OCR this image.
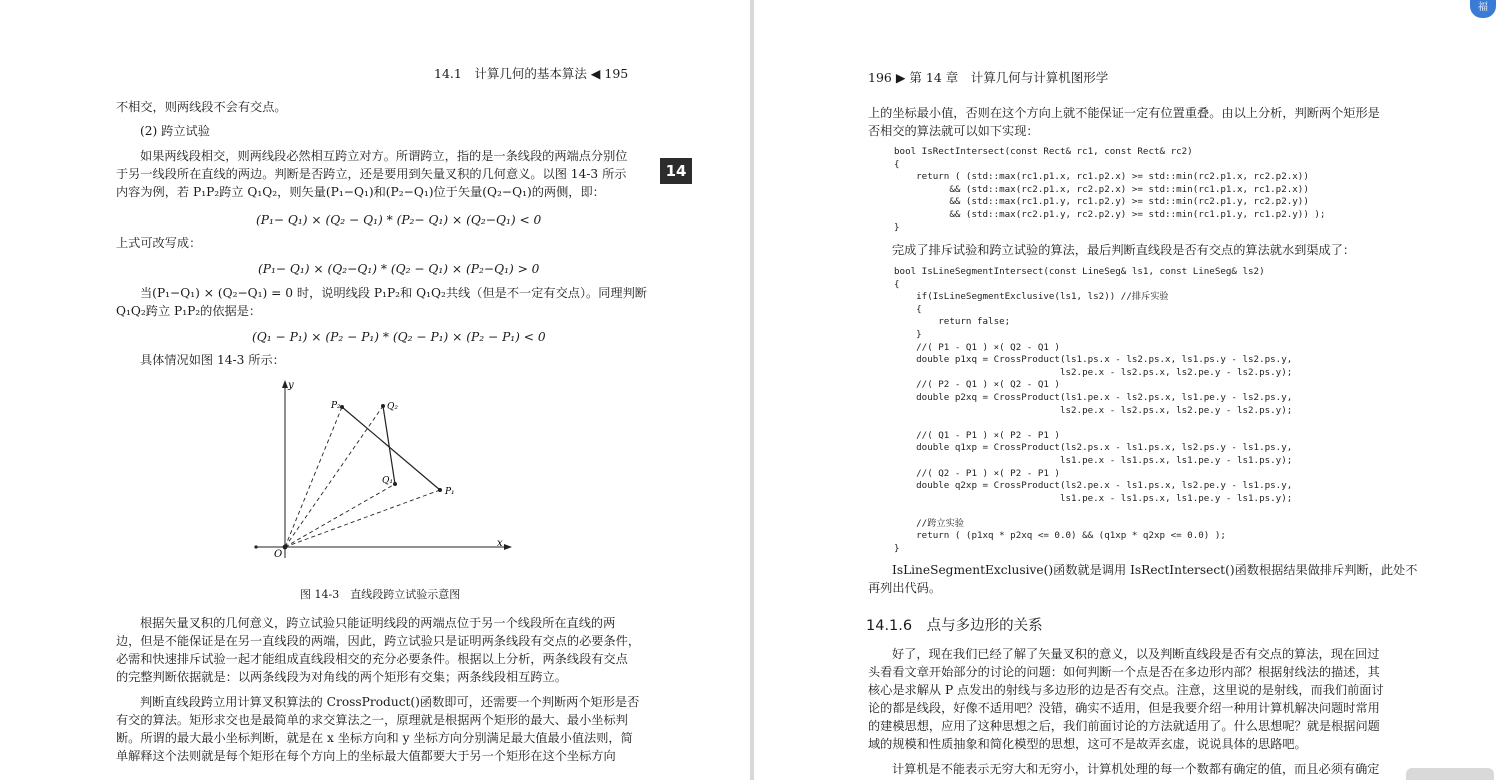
14.1　计算几何的基本算法 ◀ 195
不相交，则两线段不会有交点。
(2) 跨立试验
如果两线段相交，则两线段必然相互跨立对方。所谓跨立，指的是一条线段的两端点分别位
于另一线段所在直线的两边。判断是否跨立，还是要用到矢量叉积的几何意义。以图 14-3 所示
内容为例，若 P₁P₂跨立 Q₁Q₂，则矢量(P₁−Q₁)和(P₂−Q₁)位于矢量(Q₂−Q₁)的两侧，即：
(P₁− Q₁) × (Q₂ − Q₁) * (P₂− Q₁) × (Q₂−Q₁) < 0
上式可改写成：
(P₁− Q₁) × (Q₂−Q₁) * (Q₂ − Q₁) × (P₂−Q₁) > 0
当(P₁−Q₁) × (Q₂−Q₁) = 0 时，说明线段 P₁P₂和 Q₁Q₂共线（但是不一定有交点）。同理判断
Q₁Q₂跨立 P₁P₂的依据是：
(Q₁ − P₁) × (P₂ − P₁) * (Q₂ − P₁) × (P₂ − P₁) < 0
具体情况如图 14-3 所示：
14
y
x
O
P₂	Q₂
Q₁
P₁
图 14-3　直线段跨立试验示意图
根据矢量叉积的几何意义，跨立试验只能证明线段的两端点位于另一个线段所在直线的两
边，但是不能保证是在另一直线段的两端，因此，跨立试验只是证明两条线段有交点的必要条件，
必需和快速排斥试验一起才能组成直线段相交的充分必要条件。根据以上分析，两条线段有交点
的完整判断依据就是：以两条线段为对角线的两个矩形有交集；两条线段相互跨立。
判断直线段跨立用计算叉积算法的 CrossProduct()函数即可，还需要一个判断两个矩形是否
有交的算法。矩形求交也是最简单的求交算法之一，原理就是根据两个矩形的最大、最小坐标判
断。所谓的最大最小坐标判断，就是在 x 坐标方向和 y 坐标方向分别满足最大值最小值法则，简
单解释这个法则就是每个矩形在每个方向上的坐标最大值都要大于另一个矩形在这个坐标方向
196 ▶ 第 14 章　计算几何与计算机图形学
上的坐标最小值，否则在这个方向上就不能保证一定有位置重叠。由以上分析，判断两个矩形是
否相交的算法就可以如下实现：
bool IsRectIntersect(const Rect& rc1, const Rect& rc2)
{
return ( (std::max(rc1.p1.x, rc1.p2.x) >= std::min(rc2.p1.x, rc2.p2.x))
&& (std::max(rc2.p1.x, rc2.p2.x) >= std::min(rc1.p1.x, rc1.p2.x))
&& (std::max(rc1.p1.y, rc1.p2.y) >= std::min(rc2.p1.y, rc2.p2.y))
&& (std::max(rc2.p1.y, rc2.p2.y) >= std::min(rc1.p1.y, rc1.p2.y)) );
}
完成了排斥试验和跨立试验的算法，最后判断直线段是否有交点的算法就水到渠成了：
bool IsLineSegmentIntersect(const LineSeg& ls1, const LineSeg& ls2)
{
if(IsLineSegmentExclusive(ls1, ls2)) //排斥实验
{
return false;
}
//( P1 - Q1 ) ×( Q2 - Q1 )
double p1xq = CrossProduct(ls1.ps.x - ls2.ps.x, ls1.ps.y - ls2.ps.y,
ls2.pe.x - ls2.ps.x, ls2.pe.y - ls2.ps.y);
//( P2 - Q1 ) ×( Q2 - Q1 )
double p2xq = CrossProduct(ls1.pe.x - ls2.ps.x, ls1.pe.y - ls2.ps.y,
ls2.pe.x - ls2.ps.x, ls2.pe.y - ls2.ps.y);

//( Q1 - P1 ) ×( P2 - P1 )
double q1xp = CrossProduct(ls2.ps.x - ls1.ps.x, ls2.ps.y - ls1.ps.y,
ls1.pe.x - ls1.ps.x, ls1.pe.y - ls1.ps.y);
//( Q2 - P1 ) ×( P2 - P1 )
double q2xp = CrossProduct(ls2.pe.x - ls1.ps.x, ls2.pe.y - ls1.ps.y,
ls1.pe.x - ls1.ps.x, ls1.pe.y - ls1.ps.y);

//跨立实验
return ( (p1xq * p2xq <= 0.0) && (q1xp * q2xp <= 0.0) );
}
IsLineSegmentExclusive()函数就是调用 IsRectIntersect()函数根据结果做排斥判断，此处不
再列出代码。
14.1.6　点与多边形的关系
好了，现在我们已经了解了矢量叉积的意义，以及判断直线段是否有交点的算法，现在回过
头看看文章开始部分的讨论的问题：如何判断一个点是否在多边形内部？根据射线法的描述，其
核心是求解从 P 点发出的射线与多边形的边是否有交点。注意，这里说的是射线，而我们前面讨
论的都是线段，好像不适用吧？没错，确实不适用，但是我要介绍一种用计算机解决问题时常用
的建模思想，应用了这种思想之后，我们前面讨论的方法就适用了。什么思想呢？就是根据问题
域的规模和性质抽象和简化模型的思想，这可不是故弄玄虚，说说具体的思路吧。
计算机是不能表示无穷大和无穷小，计算机处理的每一个数都有确定的值，而且必须有确定
福
